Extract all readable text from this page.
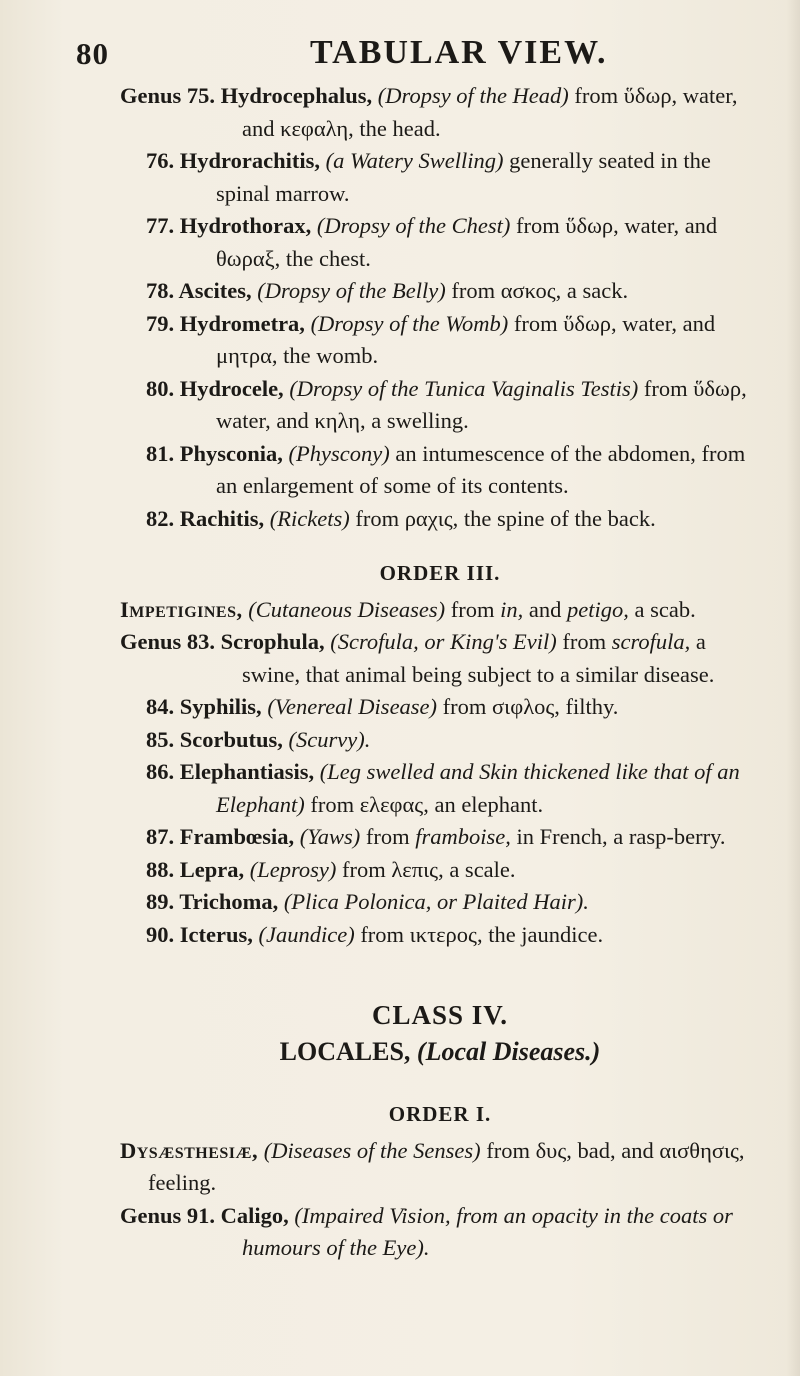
80	TABULAR VIEW.

Genus 75. Hydrocephalus, (Dropsy of the Head) from ὕδωρ, water, and κεφαλη, the head.

76. Hydrorachitis, (a Watery Swelling) generally seated in the spinal marrow.

77. Hydrothorax, (Dropsy of the Chest) from ὕδωρ, water, and θωραξ, the chest.

78. Ascites, (Dropsy of the Belly) from ασκος, a sack.

79. Hydrometra, (Dropsy of the Womb) from ὕδωρ, water, and μητρα, the womb.

80. Hydrocele, (Dropsy of the Tunica Vaginalis Testis) from ὕδωρ, water, and κηλη, a swelling.

81. Physconia, (Physcony) an intumescence of the abdomen, from an enlargement of some of its contents.

82. Rachitis, (Rickets) from ραχις, the spine of the back.

ORDER III.

Impetigines, (Cutaneous Diseases) from in, and petigo, a scab.

Genus 83. Scrophula, (Scrofula, or King's Evil) from scrofula, a swine, that animal being subject to a similar disease.

84. Syphilis, (Venereal Disease) from σιφλος, filthy.

85. Scorbutus, (Scurvy).

86. Elephantiasis, (Leg swelled and Skin thickened like that of an Elephant) from ελεφας, an elephant.

87. Frambœsia, (Yaws) from framboise, in French, a rasp-berry.

88. Lepra, (Leprosy) from λεπις, a scale.

89. Trichoma, (Plica Polonica, or Plaited Hair).

90. Icterus, (Jaundice) from ικτερος, the jaundice.

CLASS IV.
LOCALES, (Local Diseases.)
ORDER I.

Dysæsthesiæ, (Diseases of the Senses) from δυς, bad, and αισθησις, feeling.

Genus 91. Caligo, (Impaired Vision, from an opacity in the coats or humours of the Eye).
